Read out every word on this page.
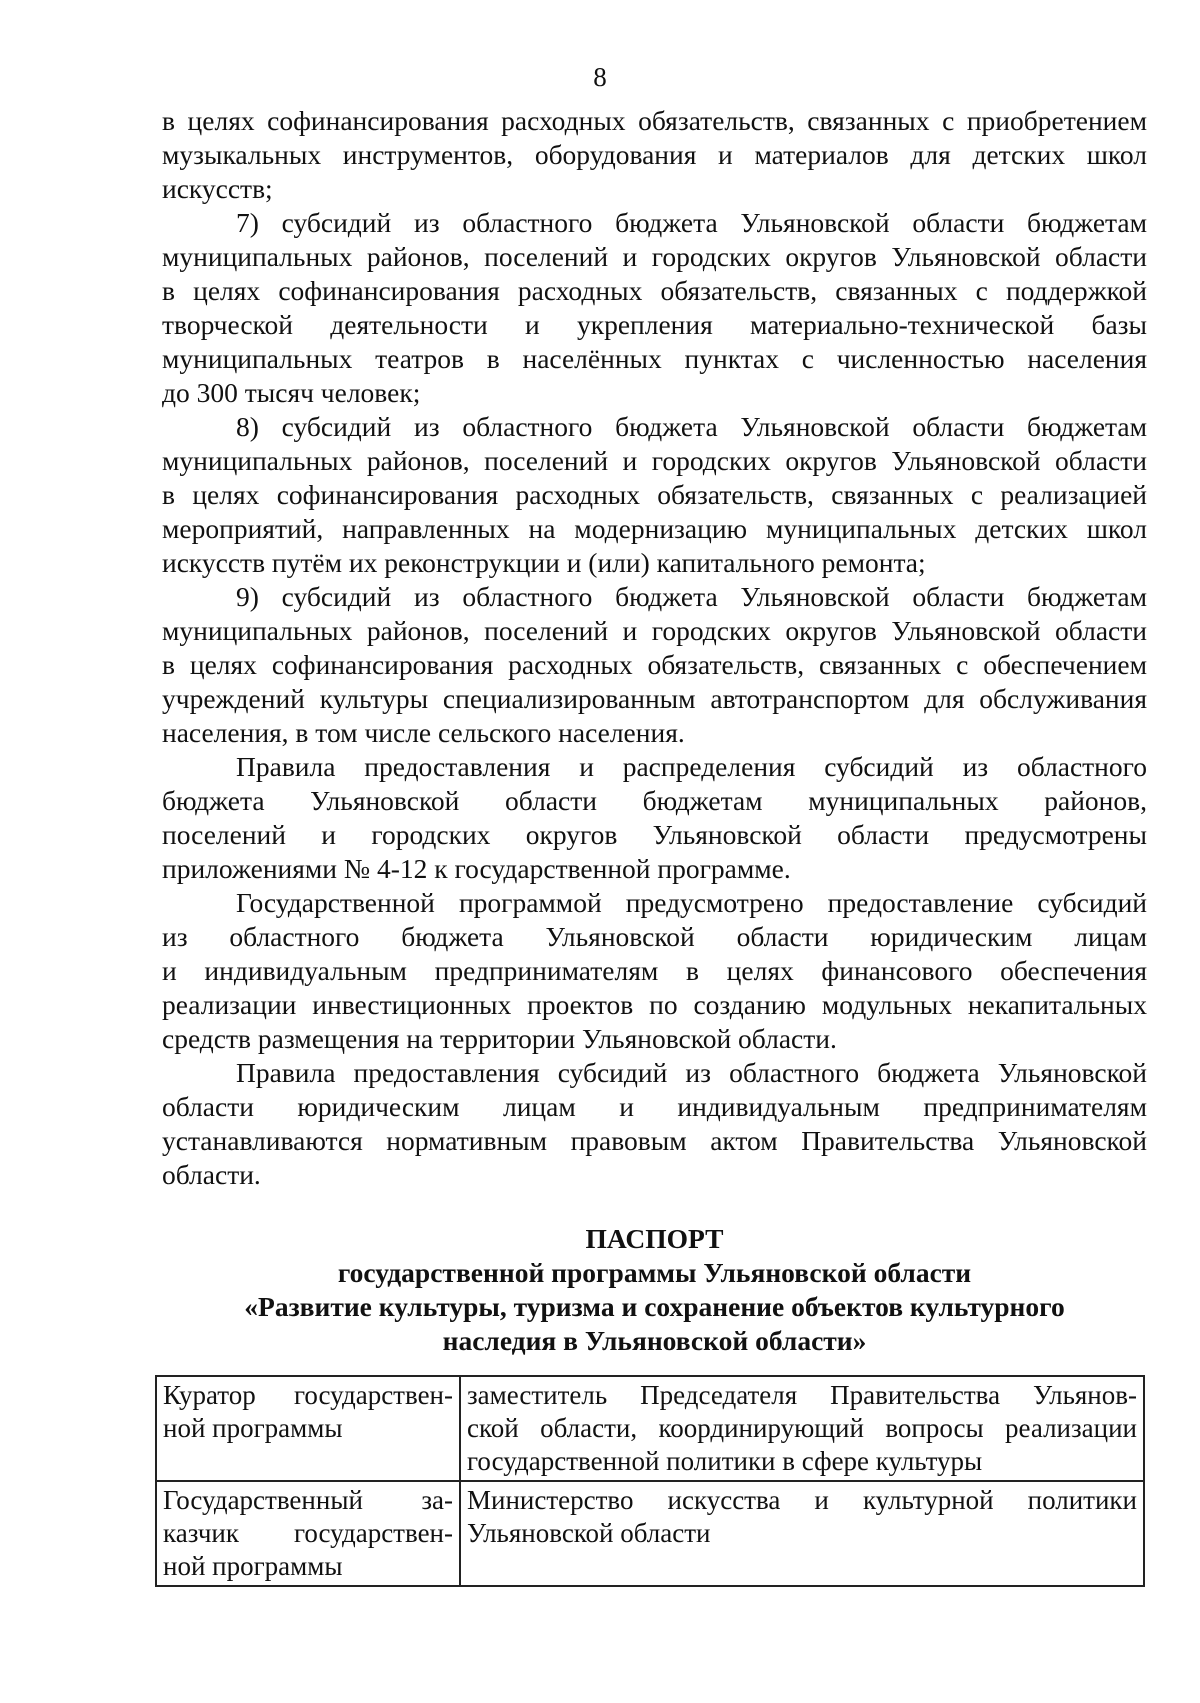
8
в целях софинансирования расходных обязательств, связанных с приобретением
музыкальных инструментов, оборудования и материалов для детских школ
искусств;
7) субсидий из областного бюджета Ульяновской области бюджетам
муниципальных районов, поселений и городских округов Ульяновской области
в целях софинансирования расходных обязательств, связанных с поддержкой
творческой деятельности и укрепления материально-технической базы
муниципальных театров в населённых пунктах с численностью населения
до 300 тысяч человек;
8) субсидий из областного бюджета Ульяновской области бюджетам
муниципальных районов, поселений и городских округов Ульяновской области
в целях софинансирования расходных обязательств, связанных с реализацией
мероприятий, направленных на модернизацию муниципальных детских школ
искусств путём их реконструкции и (или) капитального ремонта;
9) субсидий из областного бюджета Ульяновской области бюджетам
муниципальных районов, поселений и городских округов Ульяновской области
в целях софинансирования расходных обязательств, связанных с обеспечением
учреждений культуры специализированным автотранспортом для обслуживания
населения, в том числе сельского населения.
Правила предоставления и распределения субсидий из областного
бюджета Ульяновской области бюджетам муниципальных районов,
поселений и городских округов Ульяновской области предусмотрены
приложениями № 4-12 к государственной программе.
Государственной программой предусмотрено предоставление субсидий
из областного бюджета Ульяновской области юридическим лицам
и индивидуальным предпринимателям в целях финансового обеспечения
реализации инвестиционных проектов по созданию модульных некапитальных
средств размещения на территории Ульяновской области.
Правила предоставления субсидий из областного бюджета Ульяновской
области юридическим лицам и индивидуальным предпринимателям
устанавливаются нормативным правовым актом Правительства Ульяновской
области.
ПАСПОРТ
государственной программы Ульяновской области
«Развитие культуры, туризма и сохранение объектов культурного
наследия в Ульяновской области»
Куратор государствен-
ной программы	заместитель Председателя Правительства Ульянов-
ской области, координирующий вопросы реализации
государственной политики в сфере культуры

Государственный за-
казчик государствен-
ной программы	Министерство искусства и культурной политики
Ульяновской области
